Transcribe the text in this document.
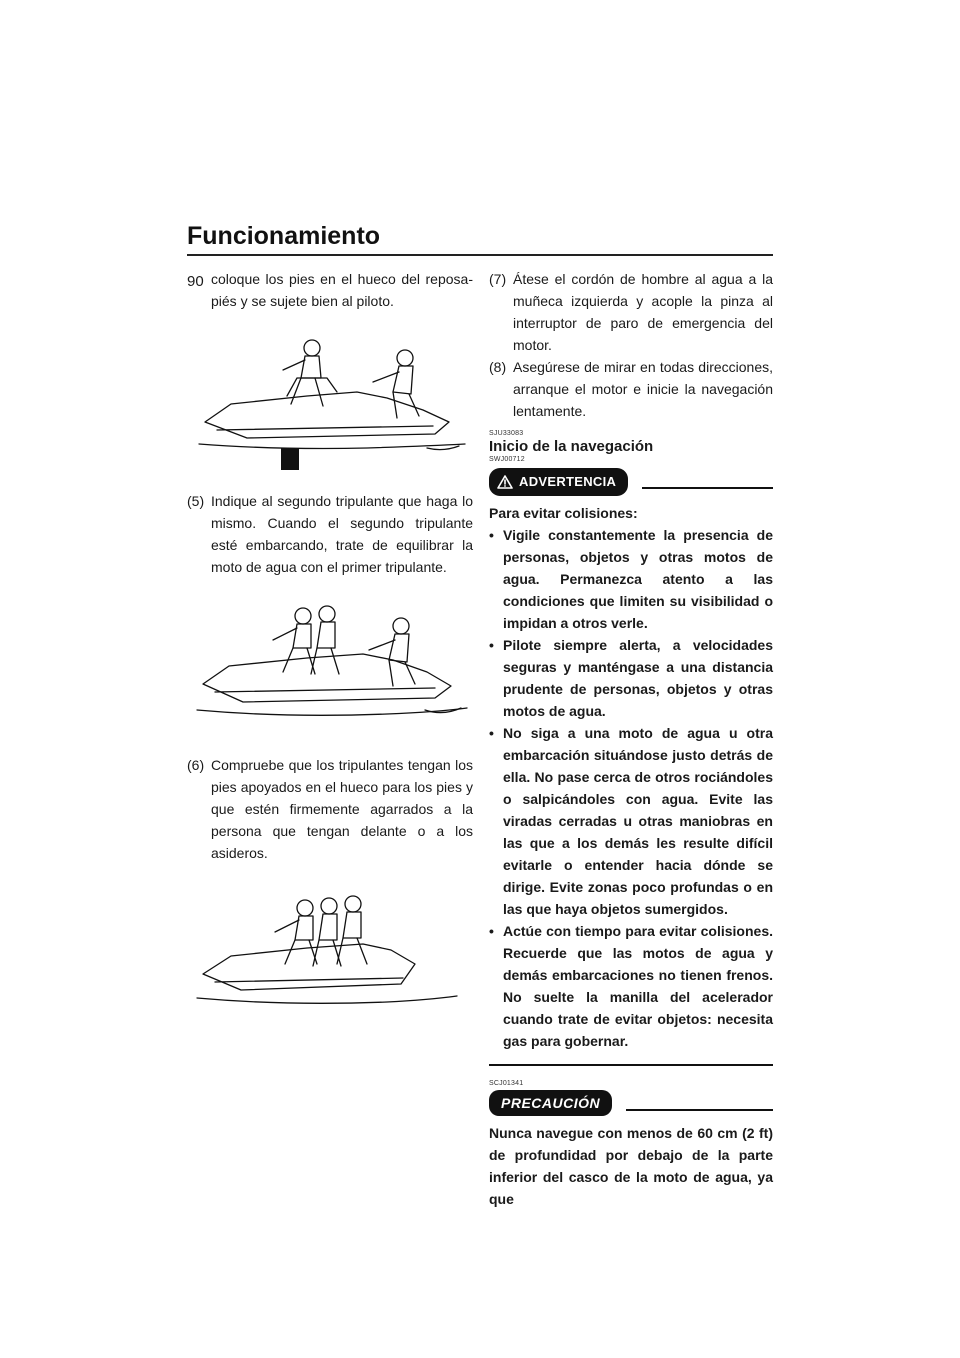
Funcionamiento
90 coloque los pies en el hueco del reposa-piés y se sujete bien al piloto.
(5) Indique al segundo tripulante que haga lo mismo. Cuando el segundo tripulante esté embarcando, trate de equilibrar la moto de agua con el primer tripulante.
(6) Compruebe que los tripulantes tengan los pies apoyados en el hueco para los pies y que estén firmemente agarrados a la persona que tengan delante o a los asideros.
(7) Átese el cordón de hombre al agua a la muñeca izquierda y acople la pinza al interruptor de paro de emergencia del motor.
(8) Asegúrese de mirar en todas direcciones, arranque el motor e inicie la navegación lentamente.
SJU33083
Inicio de la navegación
SWJ00712
ADVERTENCIA
Para evitar colisiones:
• Vigile constantemente la presencia de personas, objetos y otras motos de agua. Permanezca atento a las condiciones que limiten su visibilidad o impidan a otros verle.
• Pilote siempre alerta, a velocidades seguras y manténgase a una distancia prudente de personas, objetos y otras motos de agua.
• No siga a una moto de agua u otra embarcación situándose justo detrás de ella. No pase cerca de otros rociándoles o salpicándoles con agua. Evite las viradas cerradas u otras maniobras en las que a los demás les resulte difícil evitarle o entender hacia dónde se dirige. Evite zonas poco profundas o en las que haya objetos sumergidos.
• Actúe con tiempo para evitar colisiones. Recuerde que las motos de agua y demás embarcaciones no tienen frenos. No suelte la manilla del acelerador cuando trate de evitar objetos: necesita gas para gobernar.
SCJ01341
PRECAUCIÓN
Nunca navegue con menos de 60 cm (2 ft) de profundidad por debajo de la parte inferior del casco de la moto de agua, ya que
